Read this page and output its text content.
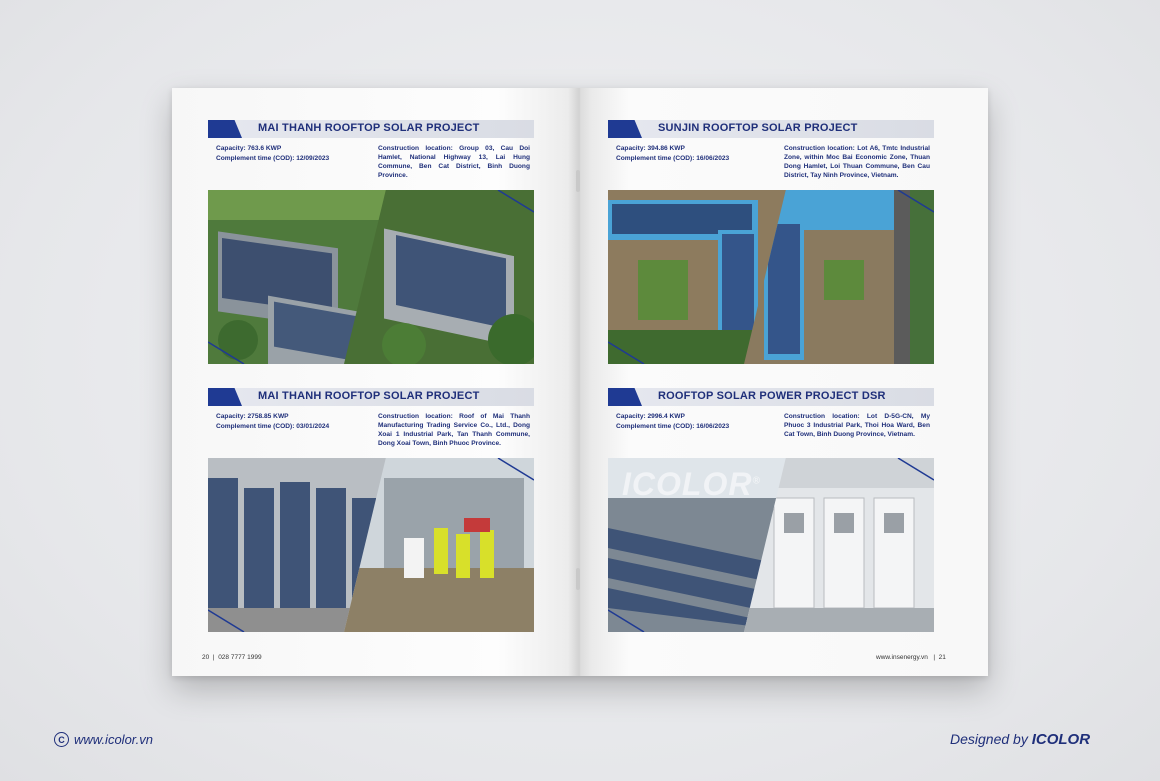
MAI THANH ROOFTOP SOLAR PROJECT
Capacity: 763.6 KWP
Complement time (COD): 12/09/2023
Construction location: Group 03, Cau Doi Hamlet, National Highway 13, Lai Hung Commune, Ben Cat District, Binh Duong Province.
SUNJIN ROOFTOP SOLAR PROJECT
Capacity: 394.86 KWP
Complement time (COD): 16/06/2023
Construction location: Lot A6, Tmtc Industrial Zone, within Moc Bai Economic Zone, Thuan Dong Hamlet, Loi Thuan Commune, Ben Cau District, Tay Ninh Province, Vietnam.
MAI THANH ROOFTOP SOLAR PROJECT
Capacity: 2758.85 KWP
Complement time (COD): 03/01/2024
Construction location: Roof of Mai Thanh Manufacturing Trading Service Co., Ltd., Dong Xoai 1 Industrial Park, Tan Thanh Commune, Dong Xoai Town, Binh Phuoc Province.
ROOFTOP SOLAR POWER PROJECT DSR
Capacity: 2996.4 KWP
Complement time (COD): 16/06/2023
Construction location: Lot D-5G-CN, My Phuoc 3 Industrial Park, Thoi Hoa Ward, Ben Cat Town, Binh Duong Province, Vietnam.
ICOLOR®
20 | 028 7777 1999	www.insenergy.vn | 21
C www.icolor.vn	Designed by ICOLOR
